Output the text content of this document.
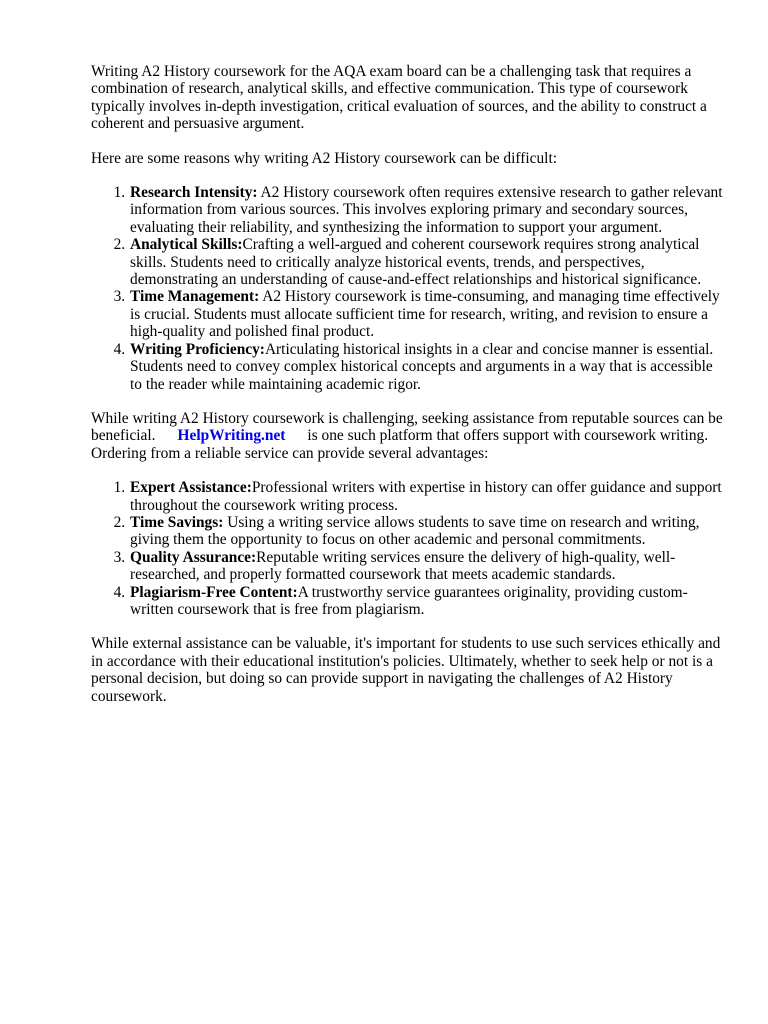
Writing A2 History coursework for the AQA exam board can be a challenging task that requires a combination of research, analytical skills, and effective communication. This type of coursework typically involves in-depth investigation, critical evaluation of sources, and the ability to construct a coherent and persuasive argument.

Here are some reasons why writing A2 History coursework can be difficult:

1. Research Intensity: A2 History coursework often requires extensive research to gather relevant information from various sources. This involves exploring primary and secondary sources, evaluating their reliability, and synthesizing the information to support your argument.
2. Analytical Skills:Crafting a well-argued and coherent coursework requires strong analytical skills. Students need to critically analyze historical events, trends, and perspectives, demonstrating an understanding of cause-and-effect relationships and historical significance.
3. Time Management: A2 History coursework is time-consuming, and managing time effectively is crucial. Students must allocate sufficient time for research, writing, and revision to ensure a high-quality and polished final product.
4. Writing Proficiency:Articulating historical insights in a clear and concise manner is essential. Students need to convey complex historical concepts and arguments in a way that is accessible to the reader while maintaining academic rigor.

While writing A2 History coursework is challenging, seeking assistance from reputable sources can be beneficial. HelpWriting.net is one such platform that offers support with coursework writing. Ordering from a reliable service can provide several advantages:

1. Expert Assistance:Professional writers with expertise in history can offer guidance and support throughout the coursework writing process.
2. Time Savings: Using a writing service allows students to save time on research and writing, giving them the opportunity to focus on other academic and personal commitments.
3. Quality Assurance:Reputable writing services ensure the delivery of high-quality, well-researched, and properly formatted coursework that meets academic standards.
4. Plagiarism-Free Content:A trustworthy service guarantees originality, providing custom-written coursework that is free from plagiarism.

While external assistance can be valuable, it's important for students to use such services ethically and in accordance with their educational institution's policies. Ultimately, whether to seek help or not is a personal decision, but doing so can provide support in navigating the challenges of A2 History coursework.
